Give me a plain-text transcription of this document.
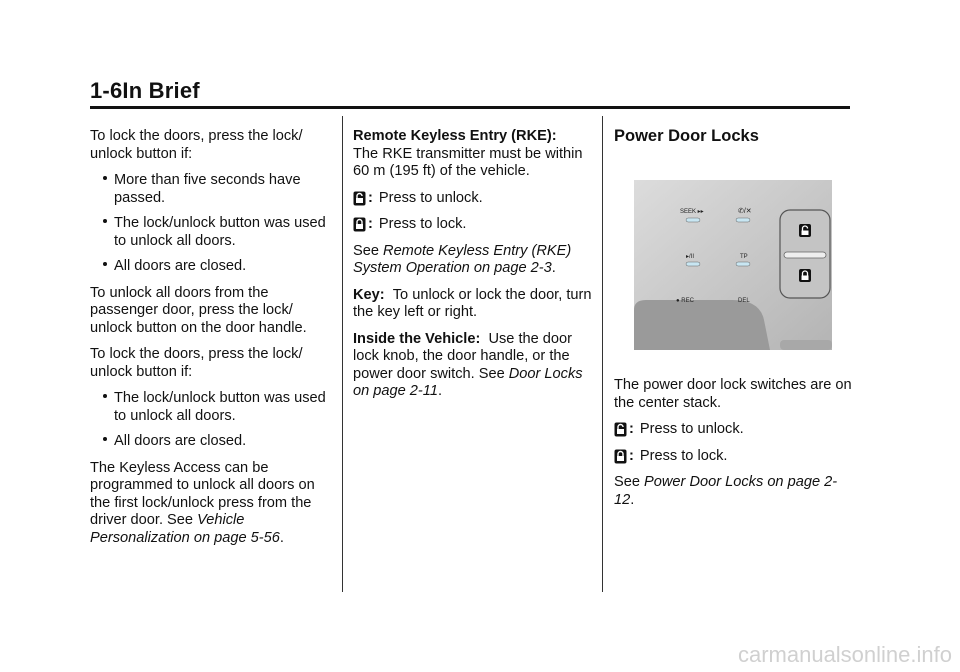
1-6In Brief

To lock the doors, press the lock/ unlock button if:

More than five seconds have passed.
The lock/unlock button was used to unlock all doors.
All doors are closed.

To unlock all doors from the passenger door, press the lock/ unlock button on the door handle.

To lock the doors, press the lock/ unlock button if:

The lock/unlock button was used to unlock all doors.
All doors are closed.

The Keyless Access can be programmed to unlock all doors on the first lock/unlock press from the driver door. See Vehicle Personalization on page 5-56.

Remote Keyless Entry (RKE):
The RKE transmitter must be within 60 m (195 ft) of the vehicle.

: Press to unlock.
: Press to lock.

See Remote Keyless Entry (RKE) System Operation on page 2-3.

Key: To unlock or lock the door, turn the key left or right.

Inside the Vehicle: Use the door lock knob, the door handle, or the power door switch. See Door Locks on page 2-11.

Power Door Locks
SEEK ▸▸	✆/✕
▸/II	TP
● REC	DEL

The power door lock switches are on the center stack.

: Press to unlock.
: Press to lock.

See Power Door Locks on page 2-12.

carmanualsonline.info
